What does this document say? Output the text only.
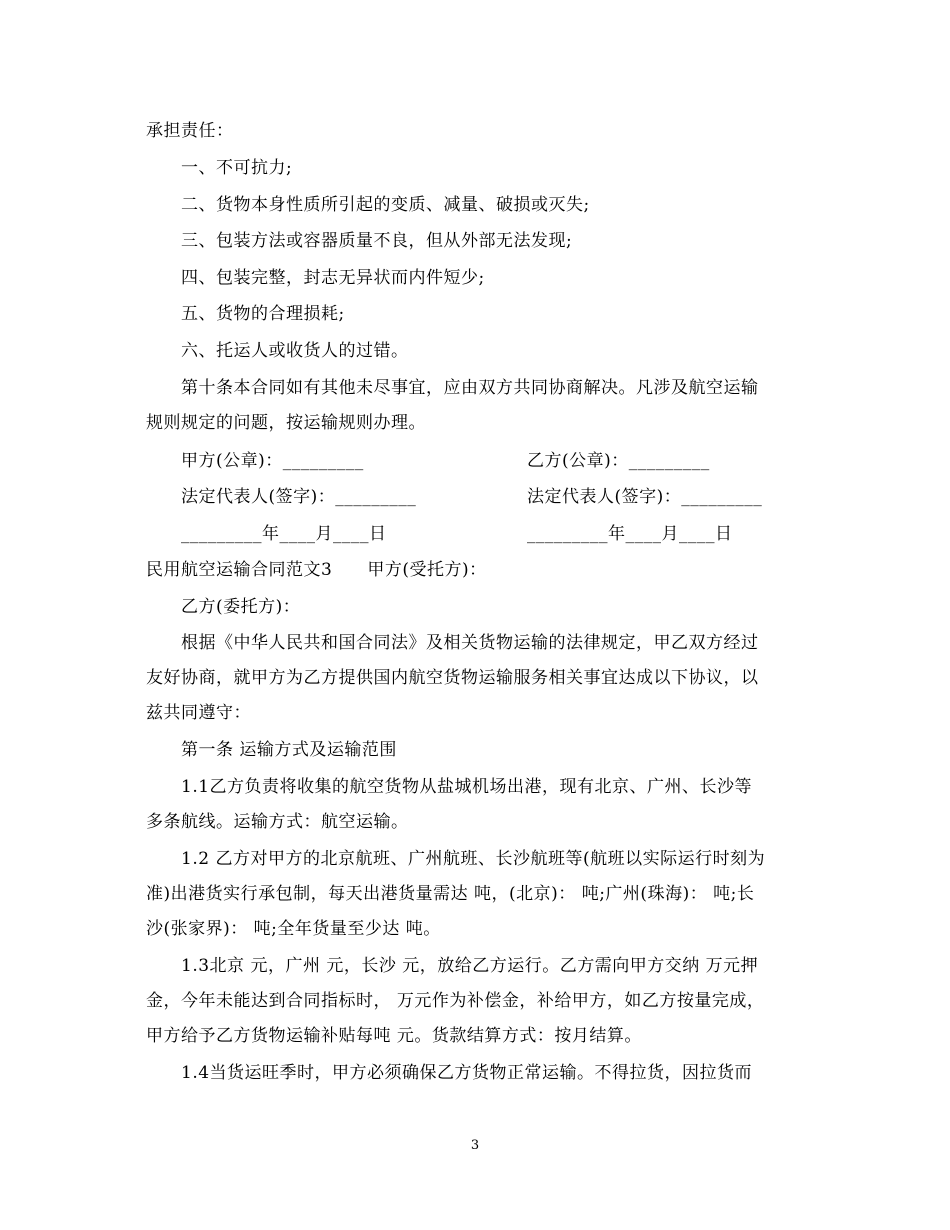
承担责任：
一、不可抗力;
二、货物本身性质所引起的变质、减量、破损或灭失;
三、包装方法或容器质量不良，但从外部无法发现;
四、包装完整，封志无异状而内件短少;
五、货物的合理损耗;
六、托运人或收货人的过错。
第十条本合同如有其他未尽事宜，应由双方共同协商解决。凡涉及航空运输
规则规定的问题，按运输规则办理。
甲方(公章)：_________	乙方(公章)：_________
法定代表人(签字)：_________	法定代表人(签字)：_________
_________年____月____日	_________年____月____日
民用航空运输合同范文3　　甲方(受托方)：
乙方(委托方)：
根据《中华人民共和国合同法》及相关货物运输的法律规定，甲乙双方经过
友好协商，就甲方为乙方提供国内航空货物运输服务相关事宜达成以下协议，以
兹共同遵守：
第一条 运输方式及运输范围
1.1乙方负责将收集的航空货物从盐城机场出港，现有北京、广州、长沙等
多条航线。运输方式：航空运输。
1.2 乙方对甲方的北京航班、广州航班、长沙航班等(航班以实际运行时刻为
准)出港货实行承包制，每天出港货量需达 吨，(北京)： 吨;广州(珠海)： 吨;长
沙(张家界)： 吨;全年货量至少达 吨。
1.3北京 元，广州 元，长沙 元，放给乙方运行。乙方需向甲方交纳 万元押
金，今年未能达到合同指标时， 万元作为补偿金，补给甲方，如乙方按量完成，
甲方给予乙方货物运输补贴每吨 元。货款结算方式：按月结算。
1.4当货运旺季时，甲方必须确保乙方货物正常运输。不得拉货，因拉货而
3
